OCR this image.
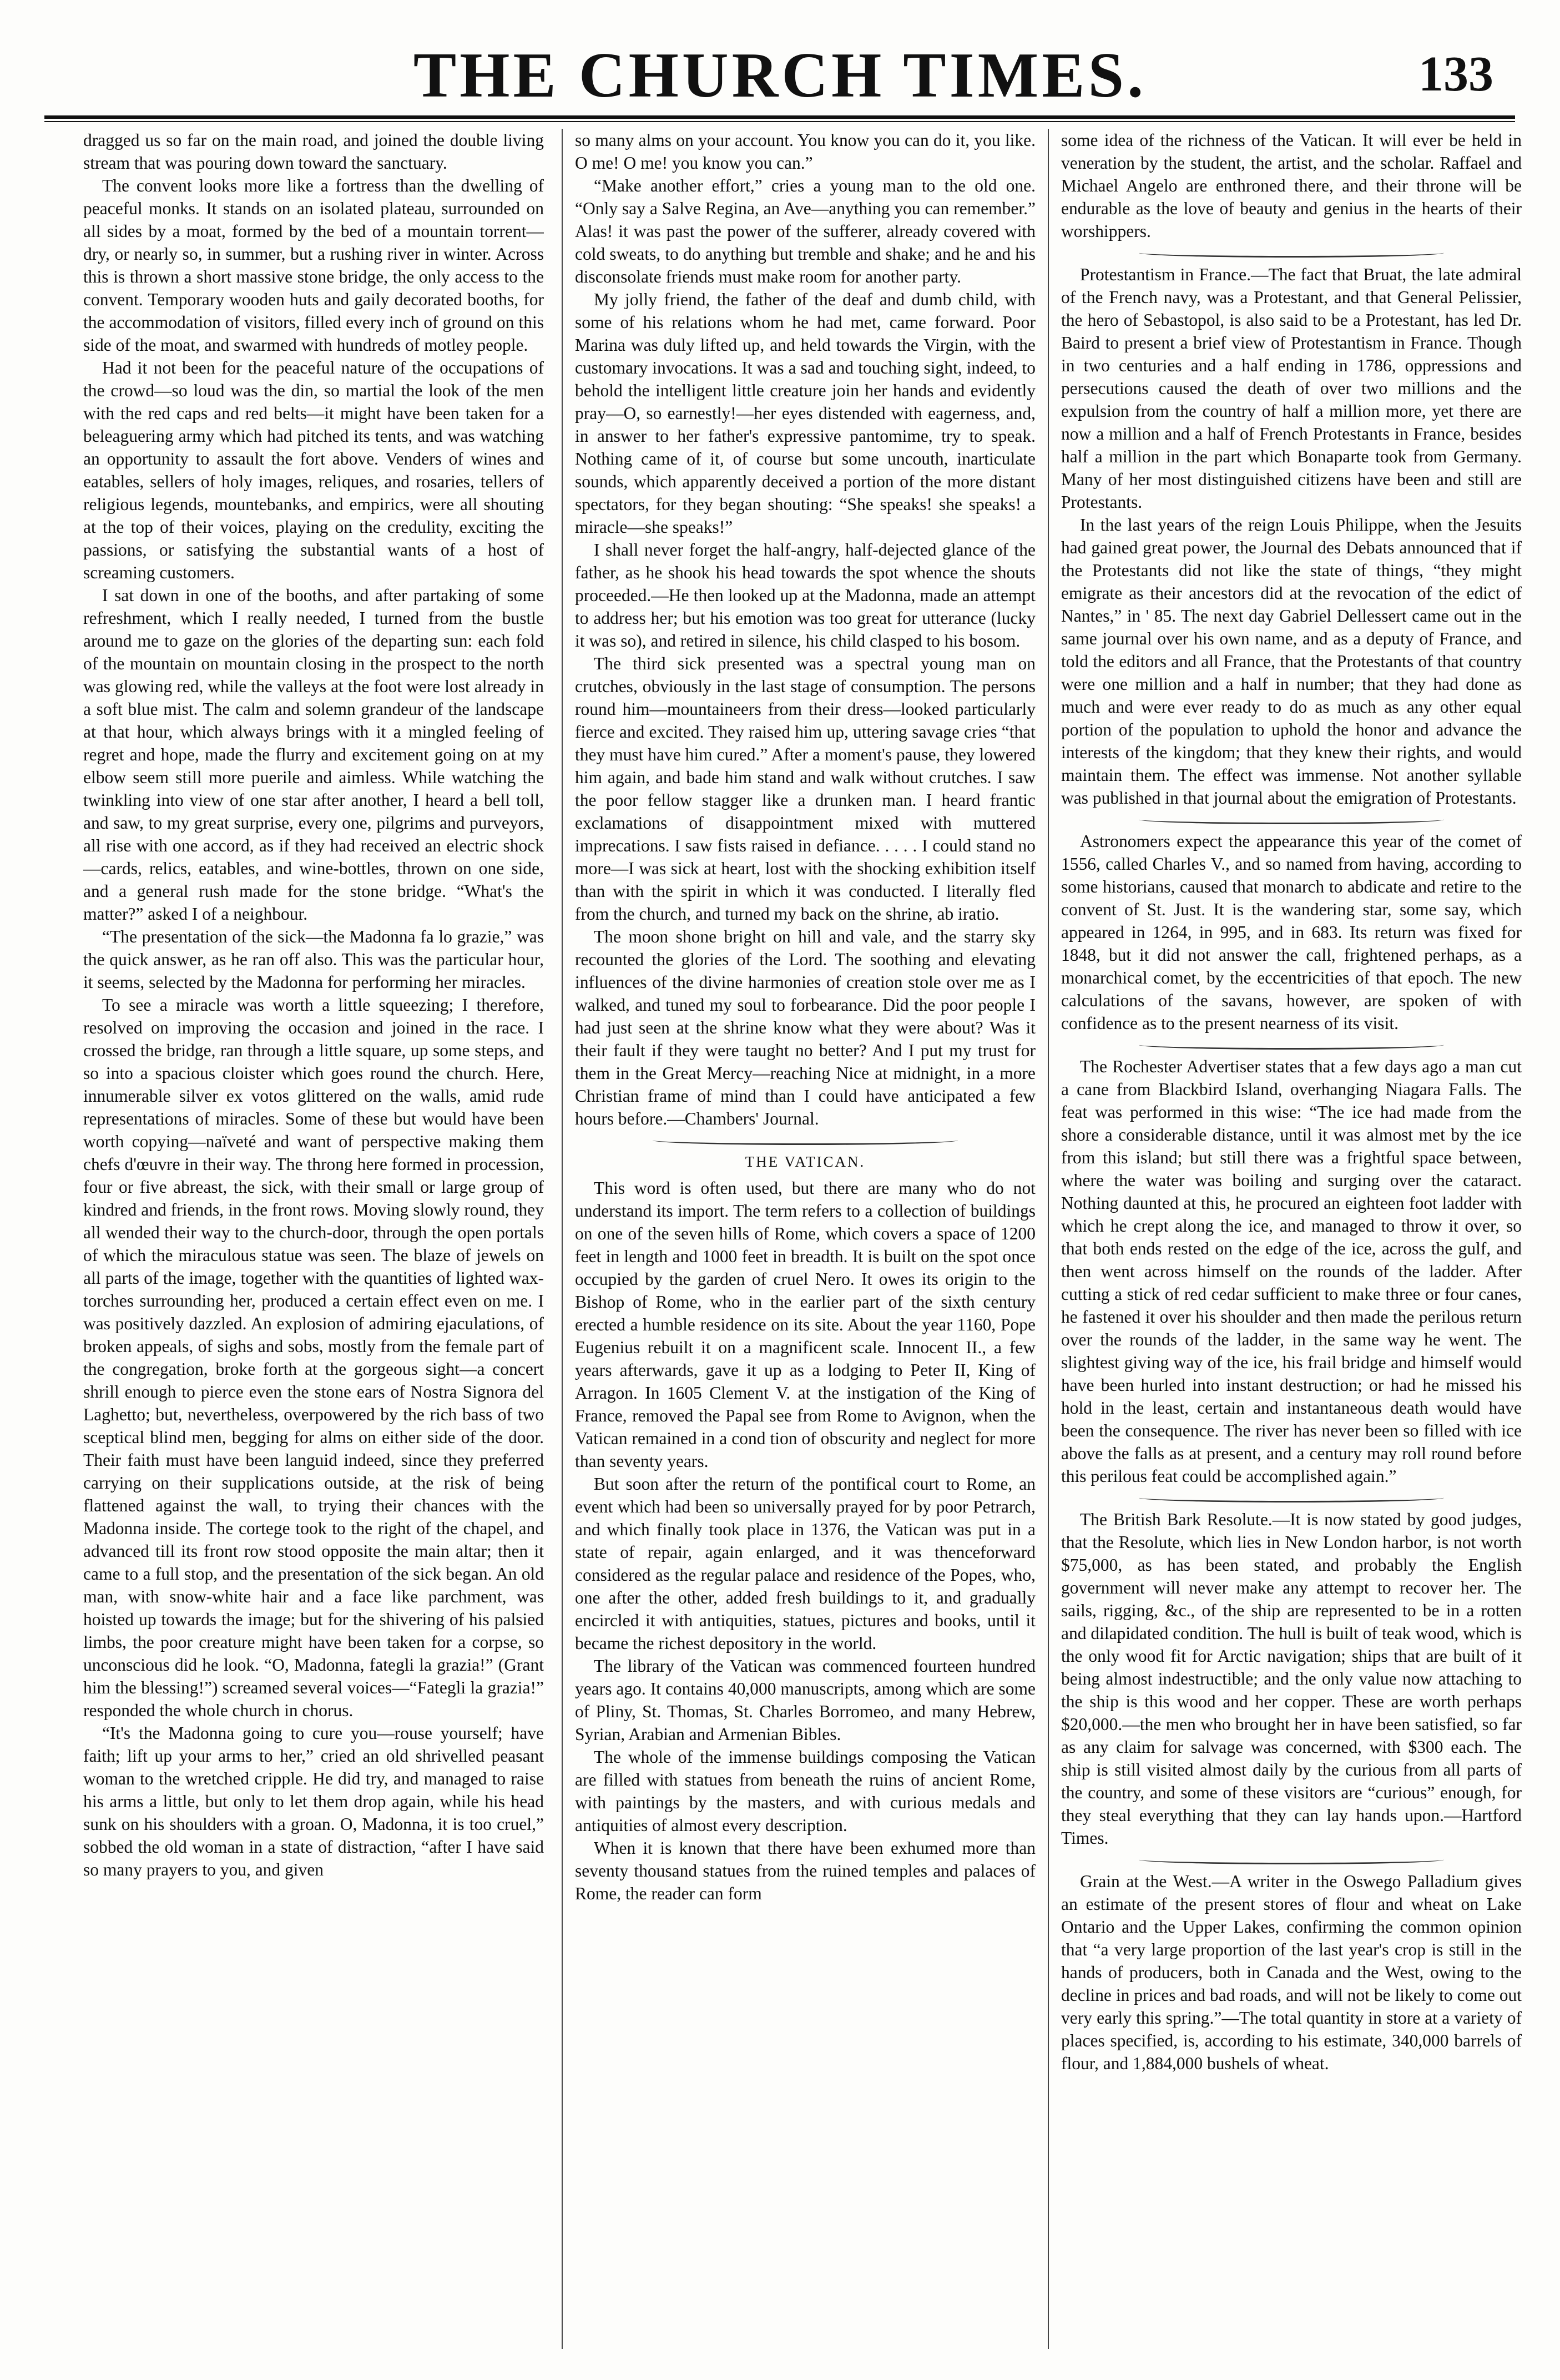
THE CHURCH TIMES.	133

dragged us so far on the main road, and joined the double living stream that was pouring down toward the sanctuary.

The convent looks more like a fortress than the dwelling of peaceful monks. It stands on an isolated plateau, surrounded on all sides by a moat, formed by the bed of a mountain torrent—dry, or nearly so, in summer, but a rushing river in winter. Across this is thrown a short massive stone bridge, the only access to the convent. Temporary wooden huts and gaily decorated booths, for the accommodation of visitors, filled every inch of ground on this side of the moat, and swarmed with hundreds of motley people.

Had it not been for the peaceful nature of the occupations of the crowd—so loud was the din, so martial the look of the men with the red caps and red belts—it might have been taken for a beleaguering army which had pitched its tents, and was watching an opportunity to assault the fort above. Venders of wines and eatables, sellers of holy images, reliques, and rosaries, tellers of religious legends, mountebanks, and empirics, were all shouting at the top of their voices, playing on the credulity, exciting the passions, or satisfying the substantial wants of a host of screaming customers.

I sat down in one of the booths, and after partaking of some refreshment, which I really needed, I turned from the bustle around me to gaze on the glories of the departing sun: each fold of the mountain on mountain closing in the prospect to the north was glowing red, while the valleys at the foot were lost already in a soft blue mist. The calm and solemn grandeur of the landscape at that hour, which always brings with it a mingled feeling of regret and hope, made the flurry and excitement going on at my elbow seem still more puerile and aimless. While watching the twinkling into view of one star after another, I heard a bell toll, and saw, to my great surprise, every one, pilgrims and purveyors, all rise with one accord, as if they had received an electric shock—cards, relics, eatables, and wine-bottles, thrown on one side, and a general rush made for the stone bridge. “What's the matter?” asked I of a neighbour.

“The presentation of the sick—the Madonna fa lo grazie,” was the quick answer, as he ran off also. This was the particular hour, it seems, selected by the Madonna for performing her miracles.

To see a miracle was worth a little squeezing; I therefore, resolved on improving the occasion and joined in the race. I crossed the bridge, ran through a little square, up some steps, and so into a spacious cloister which goes round the church. Here, innumerable silver ex votos glittered on the walls, amid rude representations of miracles. Some of these but would have been worth copying—naïveté and want of perspective making them chefs d'œuvre in their way. The throng here formed in procession, four or five abreast, the sick, with their small or large group of kindred and friends, in the front rows. Moving slowly round, they all wended their way to the church-door, through the open portals of which the miraculous statue was seen. The blaze of jewels on all parts of the image, together with the quantities of lighted wax-torches surrounding her, produced a certain effect even on me. I was positively dazzled. An explosion of admiring ejaculations, of broken appeals, of sighs and sobs, mostly from the female part of the congregation, broke forth at the gorgeous sight—a concert shrill enough to pierce even the stone ears of Nostra Signora del Laghetto; but, nevertheless, overpowered by the rich bass of two sceptical blind men, begging for alms on either side of the door. Their faith must have been languid indeed, since they preferred carrying on their supplications outside, at the risk of being flattened against the wall, to trying their chances with the Madonna inside. The cortege took to the right of the chapel, and advanced till its front row stood opposite the main altar; then it came to a full stop, and the presentation of the sick began. An old man, with snow-white hair and a face like parchment, was hoisted up towards the image; but for the shivering of his palsied limbs, the poor creature might have been taken for a corpse, so unconscious did he look. “O, Madonna, fategli la grazia!” (Grant him the blessing!”) screamed several voices—“Fategli la grazia!” responded the whole church in chorus.

“It's the Madonna going to cure you—rouse yourself; have faith; lift up your arms to her,” cried an old shrivelled peasant woman to the wretched cripple. He did try, and managed to raise his arms a little, but only to let them drop again, while his head sunk on his shoulders with a groan. O, Madonna, it is too cruel,” sobbed the old woman in a state of distraction, “after I have said so many prayers to you, and given

so many alms on your account. You know you can do it, you like. O me! O me! you know you can.”

“Make another effort,” cries a young man to the old one. “Only say a Salve Regina, an Ave—anything you can remember.” Alas! it was past the power of the sufferer, already covered with cold sweats, to do anything but tremble and shake; and he and his disconsolate friends must make room for another party.

My jolly friend, the father of the deaf and dumb child, with some of his relations whom he had met, came forward. Poor Marina was duly lifted up, and held towards the Virgin, with the customary invocations. It was a sad and touching sight, indeed, to behold the intelligent little creature join her hands and evidently pray—O, so earnestly!—her eyes distended with eagerness, and, in answer to her father's expressive pantomime, try to speak. Nothing came of it, of course but some uncouth, inarticulate sounds, which apparently deceived a portion of the more distant spectators, for they began shouting: “She speaks! she speaks! a miracle—she speaks!”

I shall never forget the half-angry, half-dejected glance of the father, as he shook his head towards the spot whence the shouts proceeded.—He then looked up at the Madonna, made an attempt to address her; but his emotion was too great for utterance (lucky it was so), and retired in silence, his child clasped to his bosom.

The third sick presented was a spectral young man on crutches, obviously in the last stage of consumption. The persons round him—mountaineers from their dress—looked particularly fierce and excited. They raised him up, uttering savage cries “that they must have him cured.” After a moment's pause, they lowered him again, and bade him stand and walk without crutches. I saw the poor fellow stagger like a drunken man. I heard frantic exclamations of disappointment mixed with muttered imprecations. I saw fists raised in defiance. . . . . I could stand no more—I was sick at heart, lost with the shocking exhibition itself than with the spirit in which it was conducted. I literally fled from the church, and turned my back on the shrine, ab iratio.

The moon shone bright on hill and vale, and the starry sky recounted the glories of the Lord. The soothing and elevating influences of the divine harmonies of creation stole over me as I walked, and tuned my soul to forbearance. Did the poor people I had just seen at the shrine know what they were about? Was it their fault if they were taught no better? And I put my trust for them in the Great Mercy—reaching Nice at midnight, in a more Christian frame of mind than I could have anticipated a few hours before.—Chambers' Journal.

THE VATICAN.

This word is often used, but there are many who do not understand its import. The term refers to a collection of buildings on one of the seven hills of Rome, which covers a space of 1200 feet in length and 1000 feet in breadth. It is built on the spot once occupied by the garden of cruel Nero. It owes its origin to the Bishop of Rome, who in the earlier part of the sixth century erected a humble residence on its site. About the year 1160, Pope Eugenius rebuilt it on a magnificent scale. Innocent II., a few years afterwards, gave it up as a lodging to Peter II, King of Arragon. In 1605 Clement V. at the instigation of the King of France, removed the Papal see from Rome to Avignon, when the Vatican remained in a cond tion of obscurity and neglect for more than seventy years.

But soon after the return of the pontifical court to Rome, an event which had been so universally prayed for by poor Petrarch, and which finally took place in 1376, the Vatican was put in a state of repair, again enlarged, and it was thenceforward considered as the regular palace and residence of the Popes, who, one after the other, added fresh buildings to it, and gradually encircled it with antiquities, statues, pictures and books, until it became the richest depository in the world.

The library of the Vatican was commenced fourteen hundred years ago. It contains 40,000 manuscripts, among which are some of Pliny, St. Thomas, St. Charles Borromeo, and many Hebrew, Syrian, Arabian and Armenian Bibles.

The whole of the immense buildings composing the Vatican are filled with statues from beneath the ruins of ancient Rome, with paintings by the masters, and with curious medals and antiquities of almost every description.

When it is known that there have been exhumed more than seventy thousand statues from the ruined temples and palaces of Rome, the reader can form

some idea of the richness of the Vatican. It will ever be held in veneration by the student, the artist, and the scholar. Raffael and Michael Angelo are enthroned there, and their throne will be endurable as the love of beauty and genius in the hearts of their worshippers.

Protestantism in France.—The fact that Bruat, the late admiral of the French navy, was a Protestant, and that General Pelissier, the hero of Sebastopol, is also said to be a Protestant, has led Dr. Baird to present a brief view of Protestantism in France. Though in two centuries and a half ending in 1786, oppressions and persecutions caused the death of over two millions and the expulsion from the country of half a million more, yet there are now a million and a half of French Protestants in France, besides half a million in the part which Bonaparte took from Germany. Many of her most distinguished citizens have been and still are Protestants.

In the last years of the reign Louis Philippe, when the Jesuits had gained great power, the Journal des Debats announced that if the Protestants did not like the state of things, “they might emigrate as their ancestors did at the revocation of the edict of Nantes,” in ' 85. The next day Gabriel Dellessert came out in the same journal over his own name, and as a deputy of France, and told the editors and all France, that the Protestants of that country were one million and a half in number; that they had done as much and were ever ready to do as much as any other equal portion of the population to uphold the honor and advance the interests of the kingdom; that they knew their rights, and would maintain them. The effect was immense. Not another syllable was published in that journal about the emigration of Protestants.

Astronomers expect the appearance this year of the comet of 1556, called Charles V., and so named from having, according to some historians, caused that monarch to abdicate and retire to the convent of St. Just. It is the wandering star, some say, which appeared in 1264, in 995, and in 683. Its return was fixed for 1848, but it did not answer the call, frightened perhaps, as a monarchical comet, by the eccentricities of that epoch. The new calculations of the savans, however, are spoken of with confidence as to the present nearness of its visit.

The Rochester Advertiser states that a few days ago a man cut a cane from Blackbird Island, overhanging Niagara Falls. The feat was performed in this wise: “The ice had made from the shore a considerable distance, until it was almost met by the ice from this island; but still there was a frightful space between, where the water was boiling and surging over the cataract. Nothing daunted at this, he procured an eighteen foot ladder with which he crept along the ice, and managed to throw it over, so that both ends rested on the edge of the ice, across the gulf, and then went across himself on the rounds of the ladder. After cutting a stick of red cedar sufficient to make three or four canes, he fastened it over his shoulder and then made the perilous return over the rounds of the ladder, in the same way he went. The slightest giving way of the ice, his frail bridge and himself would have been hurled into instant destruction; or had he missed his hold in the least, certain and instantaneous death would have been the consequence. The river has never been so filled with ice above the falls as at present, and a century may roll round before this perilous feat could be accomplished again.”

The British Bark Resolute.—It is now stated by good judges, that the Resolute, which lies in New London harbor, is not worth $75,000, as has been stated, and probably the English government will never make any attempt to recover her. The sails, rigging, &c., of the ship are represented to be in a rotten and dilapidated condition. The hull is built of teak wood, which is the only wood fit for Arctic navigation; ships that are built of it being almost indestructible; and the only value now attaching to the ship is this wood and her copper. These are worth perhaps $20,000.—the men who brought her in have been satisfied, so far as any claim for salvage was concerned, with $300 each. The ship is still visited almost daily by the curious from all parts of the country, and some of these visitors are “curious” enough, for they steal everything that they can lay hands upon.—Hartford Times.

Grain at the West.—A writer in the Oswego Palladium gives an estimate of the present stores of flour and wheat on Lake Ontario and the Upper Lakes, confirming the common opinion that “a very large proportion of the last year's crop is still in the hands of producers, both in Canada and the West, owing to the decline in prices and bad roads, and will not be likely to come out very early this spring.”—The total quantity in store at a variety of places specified, is, according to his estimate, 340,000 barrels of flour, and 1,884,000 bushels of wheat.
